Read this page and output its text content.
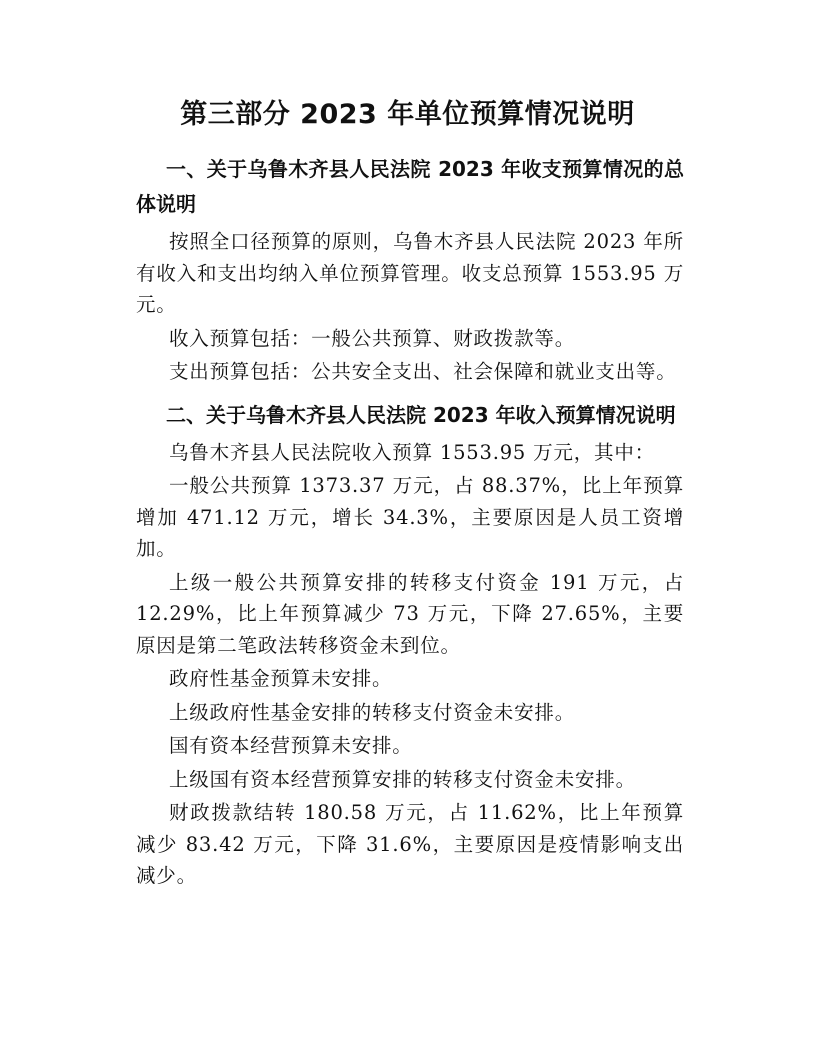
第三部分 2023 年单位预算情况说明

一、关于乌鲁木齐县人民法院 2023 年收支预算情况的总体说明

按照全口径预算的原则，乌鲁木齐县人民法院 2023 年所有收入和支出均纳入单位预算管理。收支总预算 1553.95 万元。

收入预算包括：一般公共预算、财政拨款等。

支出预算包括：公共安全支出、社会保障和就业支出等。

二、关于乌鲁木齐县人民法院 2023 年收入预算情况说明

乌鲁木齐县人民法院收入预算 1553.95 万元，其中：

一般公共预算 1373.37 万元，占 88.37%，比上年预算增加 471.12 万元，增长 34.3%，主要原因是人员工资增加。

上级一般公共预算安排的转移支付资金 191 万元，占 12.29%，比上年预算减少 73 万元，下降 27.65%，主要原因是第二笔政法转移资金未到位。

政府性基金预算未安排。

上级政府性基金安排的转移支付资金未安排。

国有资本经营预算未安排。

上级国有资本经营预算安排的转移支付资金未安排。

财政拨款结转 180.58 万元，占 11.62%，比上年预算减少 83.42 万元，下降 31.6%，主要原因是疫情影响支出减少。
